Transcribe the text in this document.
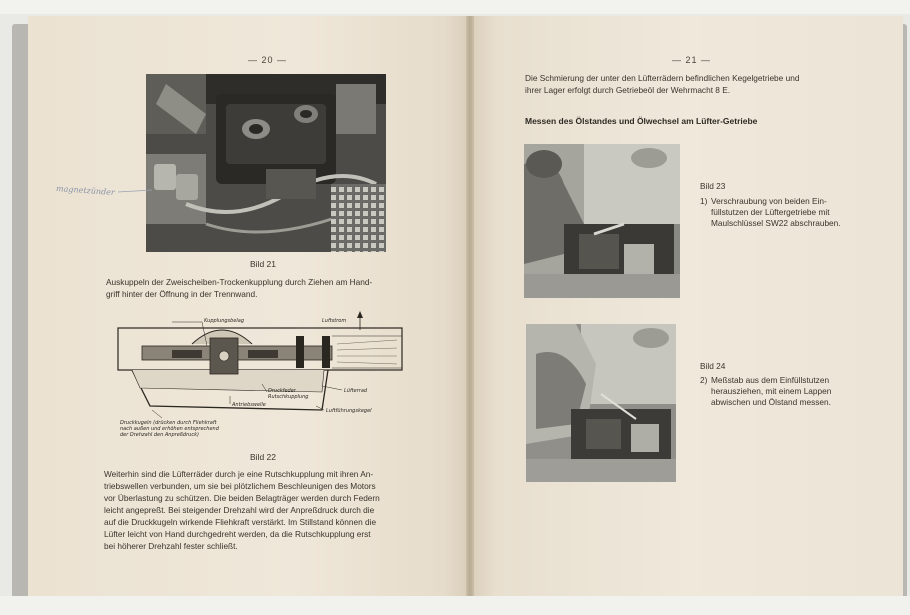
— 20 —
magnetzünder
Bild 21

Auskuppeln der Zweischeiben-Trockenkupplung durch Ziehen am Hand-
griff hinter der Öffnung in der Trennwand.

Kupplungsbelag	Luftstrom
Druckfeder
Rutschkupplung
Antriebswelle
Lüfterrad
Luftführungskegel
Druckkugeln (drücken durch Fliehkraft
nach außen und erhöhen entsprechend
der Drehzahl den Anpreßdruck)
Bild 22

Weiterhin sind die Lüfterräder durch je eine Rutschkupplung mit ihren An-
triebswellen verbunden, um sie bei plötzlichem Beschleunigen des Motors
vor Überlastung zu schützen. Die beiden Belagträger werden durch Federn
leicht angepreßt. Bei steigender Drehzahl wird der Anpreßdruck durch die
auf die Druckkugeln wirkende Fliehkraft verstärkt. Im Stillstand können die
Lüfter leicht von Hand durchgedreht werden, da die Rutschkupplung erst
bei höherer Drehzahl fester schließt.

— 21 —

Die Schmierung der unter den Lüfterrädern befindlichen Kegelgetriebe und
ihrer Lager erfolgt durch Getriebeöl der Wehrmacht 8 E.

Messen des Ölstandes und Ölwechsel am Lüfter-Getriebe

Bild 23
1) Verschraubung von beiden Ein-
füllstutzen der Lüftergetriebe mit
Maulschlüssel SW22 abschrauben.

Bild 24
2) Meßstab aus dem Einfüllstutzen
herausziehen, mit einem Lappen
abwischen und Ölstand messen.
